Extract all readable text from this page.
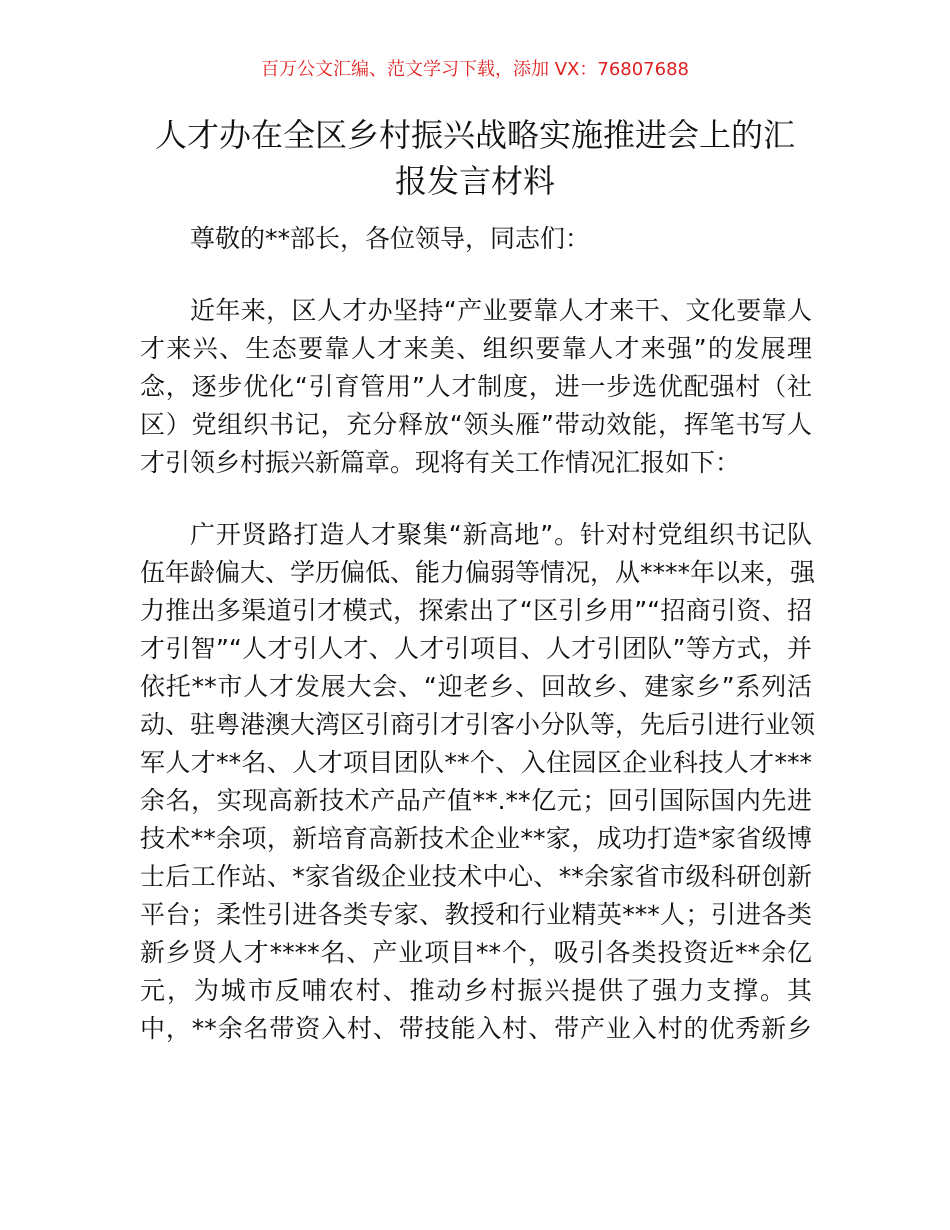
百万公文汇编、范文学习下载，添加 VX：76807688
人才办在全区乡村振兴战略实施推进会上的汇
报发言材料
尊敬的**部长，各位领导，同志们：
近年来，区人才办坚持“产业要靠人才来干、文化要靠人
才来兴、生态要靠人才来美、组织要靠人才来强”的发展理
念，逐步优化“引育管用”人才制度，进一步选优配强村（社
区）党组织书记，充分释放“领头雁”带动效能，挥笔书写人
才引领乡村振兴新篇章。现将有关工作情况汇报如下：
广开贤路打造人才聚集“新高地”。针对村党组织书记队
伍年龄偏大、学历偏低、能力偏弱等情况，从****年以来，强
力推出多渠道引才模式，探索出了“区引乡用”“招商引资、招
才引智”“人才引人才、人才引项目、人才引团队”等方式，并
依托**市人才发展大会、“迎老乡、回故乡、建家乡”系列活
动、驻粤港澳大湾区引商引才引客小分队等，先后引进行业领
军人才**名、人才项目团队**个、入住园区企业科技人才***
余名，实现高新技术产品产值**.**亿元；回引国际国内先进
技术**余项，新培育高新技术企业**家，成功打造*家省级博
士后工作站、*家省级企业技术中心、**余家省市级科研创新
平台；柔性引进各类专家、教授和行业精英***人；引进各类
新乡贤人才****名、产业项目**个，吸引各类投资近**余亿
元，为城市反哺农村、推动乡村振兴提供了强力支撑。其
中，**余名带资入村、带技能入村、带产业入村的优秀新乡
